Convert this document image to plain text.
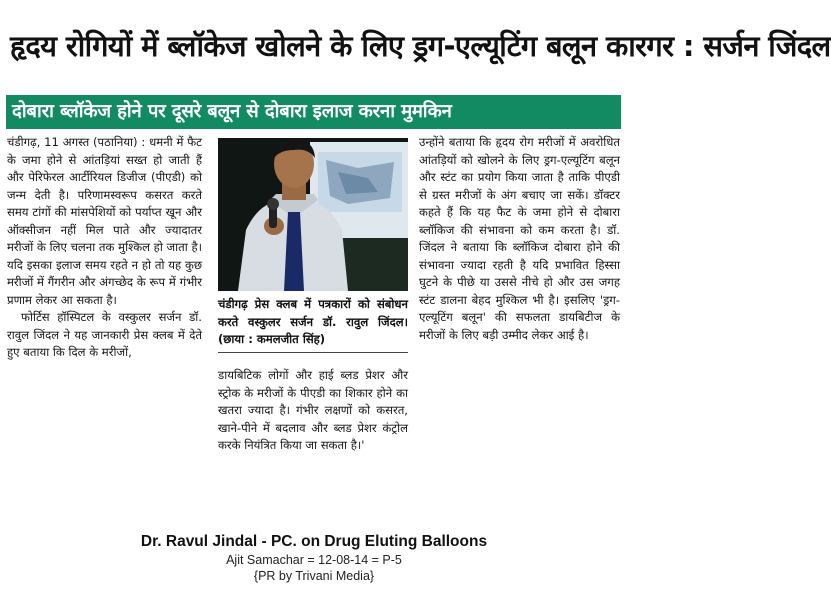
हृदय रोगियों में ब्लॉकेज खोलने के लिए ड्रग-एल्यूटिंग बलून कारगर : सर्जन जिंदल
दोबारा ब्लॉकेज होने पर दूसरे बलून से दोबारा इलाज करना मुमकिन

चंडीगढ़, 11 अगस्त (पठानिया) : धमनी में फैट के जमा होने से आंतड़ियां सख्त हो जाती हैं और पेरिफेरल आर्टीरियल डिजीज (पीएडी) को जन्म देती है। परिणामस्वरूप कसरत करते समय टांगों की मांसपेशियों को पर्याप्त खून और ऑक्सीजन नहीं मिल पाते और ज्यादातर मरीजों के लिए चलना तक मुश्किल हो जाता है। यदि इसका इलाज समय रहते न हो तो यह कुछ मरीजों में गैंगरीन और अंगच्छेद के रूप में गंभीर प्रणाम लेकर आ सकता है।

फोर्टिस हॉस्पिटल के वस्कुलर सर्जन डॉ. रावुल जिंदल ने यह जानकारी प्रेस क्लब में देते हुए बताया कि दिल के मरीजों,

चंडीगढ़ प्रेस क्लब में पत्रकारों को संबोधन करते वस्कुलर सर्जन डॉ. रावुल जिंदल। (छाया : कमलजीत सिंह)

डायबिटिक लोगों और हाई ब्लड प्रेशर और स्ट्रोक के मरीजों के पीएडी का शिकार होने का खतरा ज्यादा है। गंभीर लक्षणों को कसरत, खाने-पीने में बदलाव और ब्लड प्रेशर कंट्रोल करके नियंत्रित किया जा सकता है।'

उन्होंने बताया कि हृदय रोग मरीजों में अवरोधित आंतड़ियों को खोलने के लिए ड्रग-एल्यूटिंग बलून और स्टंट का प्रयोग किया जाता है ताकि पीएडी से ग्रस्त मरीजों के अंग बचाए जा सकें। डॉक्टर कहते हैं कि यह फैट के जमा होने से दोबारा ब्लॉकिज की संभावना को कम करता है। डॉ. जिंदल ने बताया कि ब्लॉकिज दोबारा होने की संभावना ज्यादा रहती है यदि प्रभावित हिस्सा घुटने के पीछे या उससे नीचे हो और उस जगह स्टंट डालना बेहद मुश्किल भी है। इसलिए 'ड्रग-एल्यूटिंग बलून' की सफलता डायबिटीज के मरीजों के लिए बड़ी उम्मीद लेकर आई है।

Dr. Ravul Jindal - PC. on Drug Eluting Balloons
Ajit Samachar = 12-08-14 = P-5
{PR by Trivani Media}
